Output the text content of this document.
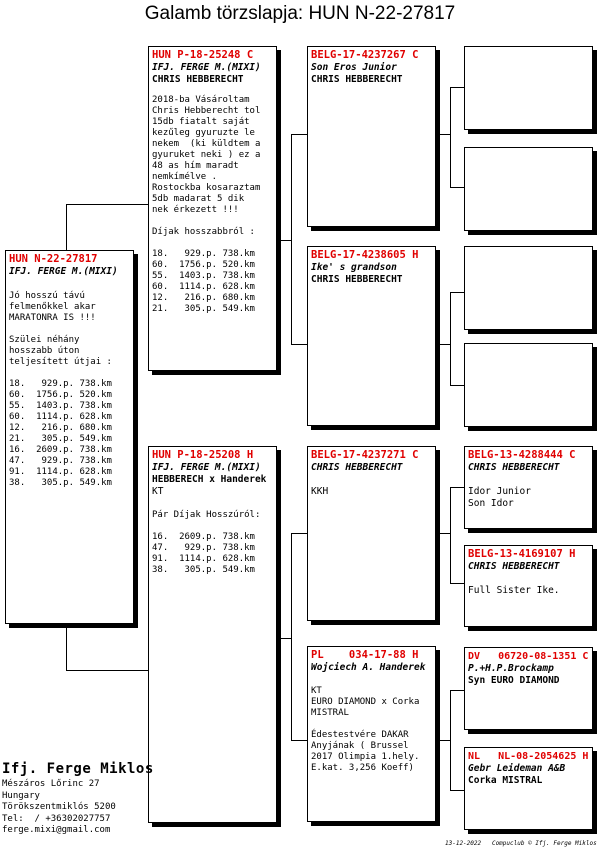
Galamb törzslapja: HUN N-22-27817
HUN N-22-27817
IFJ. FERGE M.(MIXI)
Jó hosszú távú
felmenőkkel akar
MARATONRA IS !!!

Szülei néhány
hosszabb úton
teljesített útjai :

18.   929.p. 738.km
60.  1756.p. 520.km
55.  1403.p. 738.km
60.  1114.p. 628.km
12.   216.p. 680.km
21.   305.p. 549.km
16.  2609.p. 738.km
47.   929.p. 738.km
91.  1114.p. 628.km
38.   305.p. 549.km
HUN P-18-25248 C
IFJ. FERGE M.(MIXI)
CHRIS HEBBERECHT
2018-ba Vásároltam
Chris Hebberecht tol
15db fiatalt saját
kezűleg gyuruzte le
nekem  (ki küldtem a
gyuruket neki ) ez a
48 as hím maradt
nemkímélve .
Rostockba kosaraztam
5db madarat 5 dik
nek érkezett !!!

Díjak hosszabbról :

18.   929.p. 738.km
60.  1756.p. 520.km
55.  1403.p. 738.km
60.  1114.p. 628.km
12.   216.p. 680.km
21.   305.p. 549.km
HUN P-18-25208 H
IFJ. FERGE M.(MIXI)
HEBBERECH x Handerek
KT
Pár Díjak Hosszúról:

16.  2609.p. 738.km
47.   929.p. 738.km
91.  1114.p. 628.km
38.   305.p. 549.km
BELG-17-4237267 C
Son Eros Junior
CHRIS HEBBERECHT
BELG-17-4238605 H
Ike' s grandson
CHRIS HEBBERECHT
BELG-17-4237271 C
CHRIS HEBBERECHT
KKH
PL    034-17-88 H
Wojciech A. Handerek
KT
EURO DIAMOND x Corka
MISTRAL

Édestestvére DAKAR
Anyjának ( Brussel
2017 Olimpia 1.hely.
E.kat. 3,256 Koeff)
BELG-13-4288444 C
CHRIS HEBBERECHT
Idor Junior
Son Idor
BELG-13-4169107 H
CHRIS HEBBERECHT
Full Sister Ike.
DV   06720-08-1351 C
P.+H.P.Brockamp
Syn EURO DIAMOND
NL   NL-08-2054625 H
Gebr Leideman A&B
Corka MISTRAL
Ifj. Ferge Miklos
Mészáros Lőrinc 27
Hungary
Törökszentmiklós 5200
Tel:  / +36302027757
ferge.mixi@gmail.com
13-12-2022   Compuclub © Ifj. Ferge Miklos
